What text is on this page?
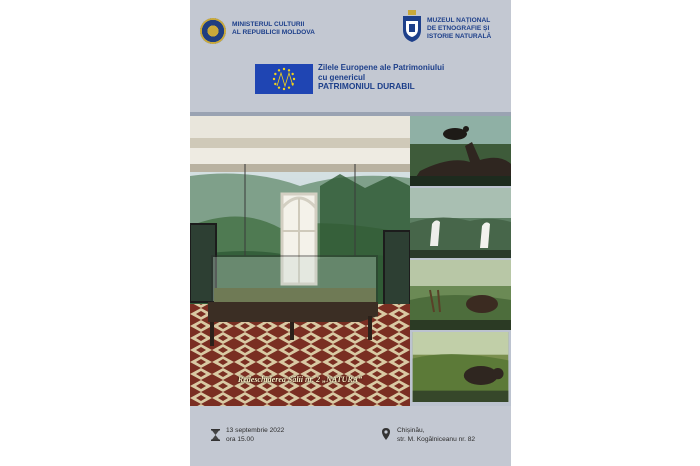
MINISTERUL CULTURII
AL REPUBLICII MOLDOVA
MUZEUL NAȚIONAL
DE ETNOGRAFIE ȘI
ISTORIE NATURALĂ
Zilele Europene ale Patrimoniului
cu genericul
PATRIMONIUL DURABIL
Redeschiderea Sălii nr. 2 „NATURA”
13 septembrie 2022
ora 15.00
Chișinău,
str. M. Kogălniceanu nr. 82
